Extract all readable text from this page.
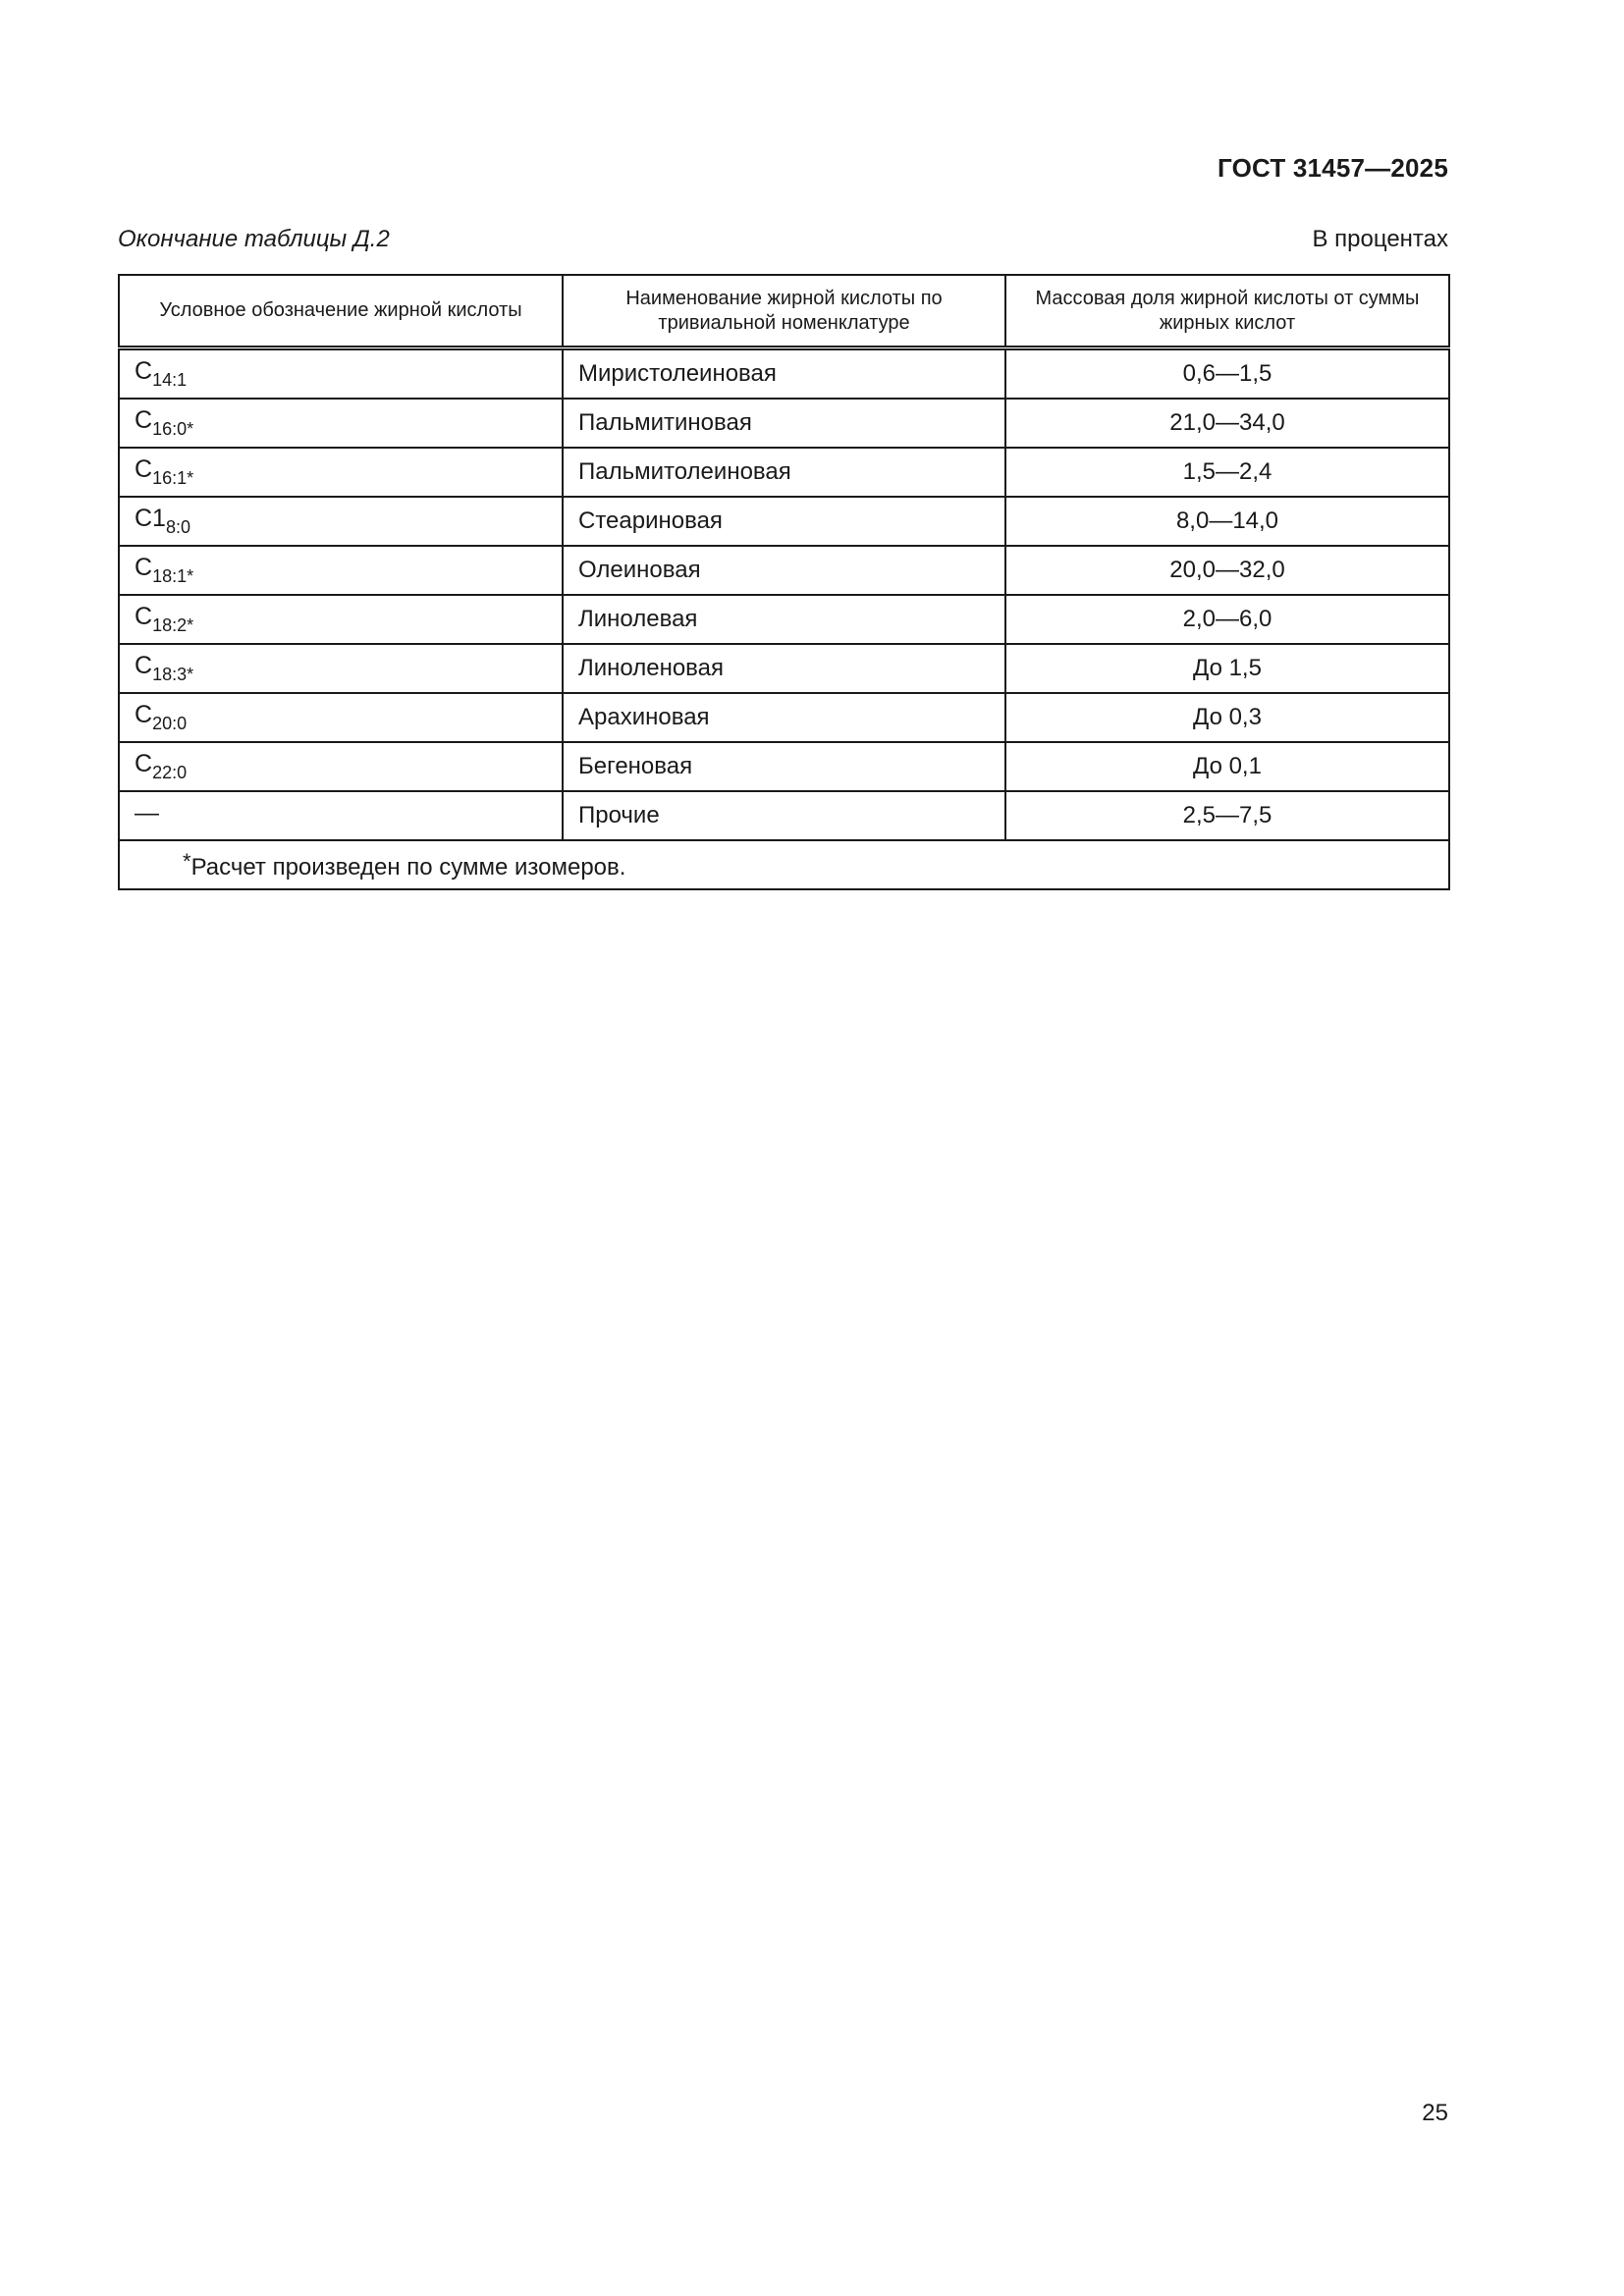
ГОСТ 31457—2025
Окончание таблицы Д.2	В процентах
Условное обозначение жирной кислоты	Наименование жирной кислоты по тривиальной номенклатуре	Массовая доля жирной кислоты от суммы жирных кислот
$C_{14:1}$	Миристолеиновая	0,6—1,5
$C_{16:0*}$	Пальмитиновая	21,0—34,0
$C_{16:1*}$	Пальмитолеиновая	1,5—2,4
$C1_{8:0}$	Стеариновая	8,0—14,0
$C_{18:1*}$	Олеиновая	20,0—32,0
$C_{18:2*}$	Линолевая	2,0—6,0
$C_{18:3*}$	Линоленовая	До 1,5
$C_{20:0}$	Арахиновая	До 0,3
$C_{22:0}$	Бегеновая	До 0,1
—	Прочие	2,5—7,5
*Расчет произведен по сумме изомеров.		
25
